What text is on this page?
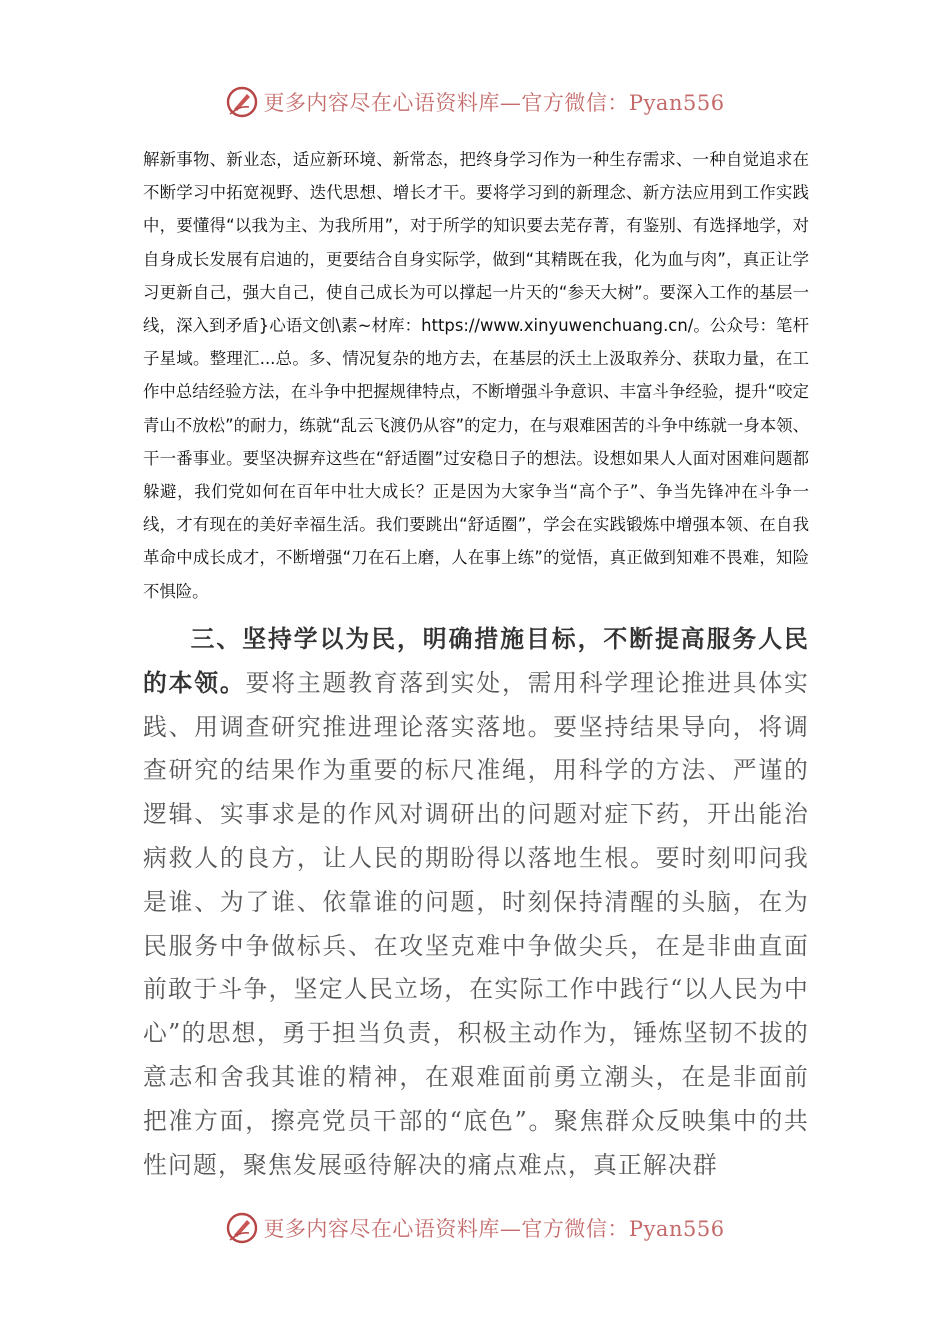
更多内容尽在心语资料库—官方微信：Pyan556

解新事物、新业态，适应新环境、新常态，把终身学习作为一种生存需求、一种自觉追求在不断学习中拓宽视野、迭代思想、增长才干。要将学习到的新理念、新方法应用到工作实践中，要懂得“以我为主、为我所用”，对于所学的知识要去芜存菁，有鉴别、有选择地学，对自身成长发展有启迪的，更要结合自身实际学，做到“其精既在我，化为血与肉”，真正让学习更新自己，强大自己，使自己成长为可以撑起一片天的“参天大树”。要深入工作的基层一线，深入到矛盾}心语文创\素~材库：https://www.xinyuwenchuang.cn/。公众号：笔杆子星域。整理汇...总。多、情况复杂的地方去，在基层的沃土上汲取养分、获取力量，在工作中总结经验方法，在斗争中把握规律特点，不断增强斗争意识、丰富斗争经验，提升“咬定青山不放松”的耐力，练就“乱云飞渡仍从容”的定力，在与艰难困苦的斗争中练就一身本领、干一番事业。要坚决摒弃这些在“舒适圈”过安稳日子的想法。设想如果人人面对困难问题都躲避，我们党如何在百年中壮大成长？正是因为大家争当“高个子”、争当先锋冲在斗争一线，才有现在的美好幸福生活。我们要跳出“舒适圈”，学会在实践锻炼中增强本领、在自我革命中成长成才，不断增强“刀在石上磨，人在事上练”的觉悟，真正做到知难不畏难，知险不惧险。

三、坚持学以为民，明确措施目标，不断提高服务人民的本领。要将主题教育落到实处，需用科学理论推进具体实践、用调查研究推进理论落实落地。要坚持结果导向，将调查研究的结果作为重要的标尺准绳，用科学的方法、严谨的逻辑、实事求是的作风对调研出的问题对症下药，开出能治病救人的良方，让人民的期盼得以落地生根。要时刻叩问我是谁、为了谁、依靠谁的问题，时刻保持清醒的头脑，在为民服务中争做标兵、在攻坚克难中争做尖兵，在是非曲直面前敢于斗争，坚定人民立场，在实际工作中践行“以人民为中心”的思想，勇于担当负责，积极主动作为，锤炼坚韧不拔的意志和舍我其谁的精神，在艰难面前勇立潮头，在是非面前把准方面，擦亮党员干部的“底色”。聚焦群众反映集中的共性问题，聚焦发展亟待解决的痛点难点，真正解决群

更多内容尽在心语资料库—官方微信：Pyan556
